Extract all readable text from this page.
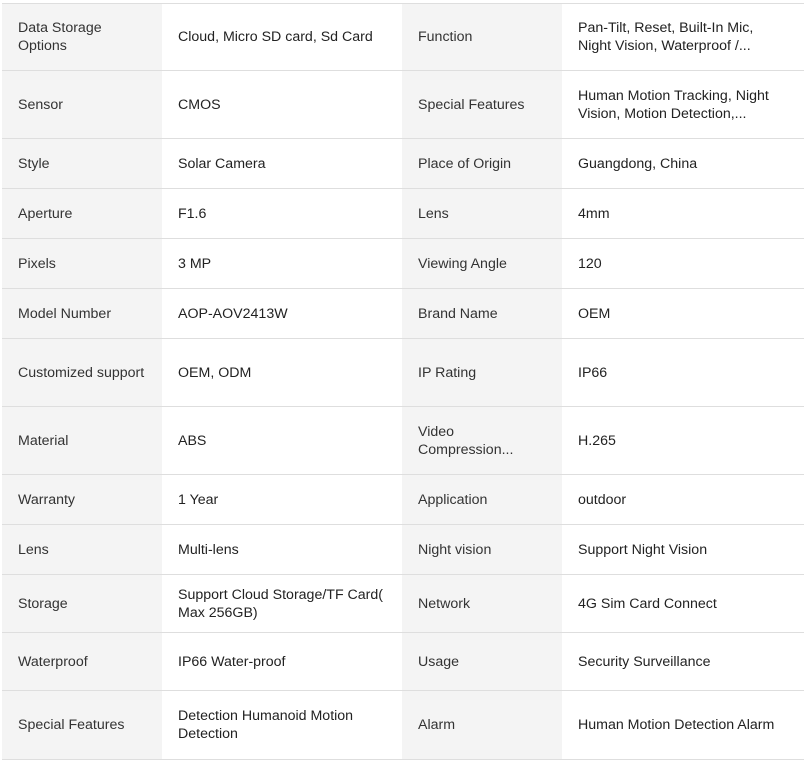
Data Storage Options	Cloud, Micro SD card, Sd Card	Function	Pan-Tilt, Reset, Built-In Mic, Night Vision, Waterproof /...
Sensor	CMOS	Special Features	Human Motion Tracking, Night Vision, Motion Detection,...
Style	Solar Camera	Place of Origin	Guangdong, China
Aperture	F1.6	Lens	4mm
Pixels	3 MP	Viewing Angle	120
Model Number	AOP-AOV2413W	Brand Name	OEM
Customized support	OEM, ODM	IP Rating	IP66
Material	ABS	Video Compression...	H.265
Warranty	1 Year	Application	outdoor
Lens	Multi-lens	Night vision	Support Night Vision
Storage	Support Cloud Storage/TF Card( Max 256GB)	Network	4G Sim Card Connect
Waterproof	IP66 Water-proof	Usage	Security Surveillance
Special Features	Detection Humanoid Motion Detection	Alarm	Human Motion Detection Alarm
